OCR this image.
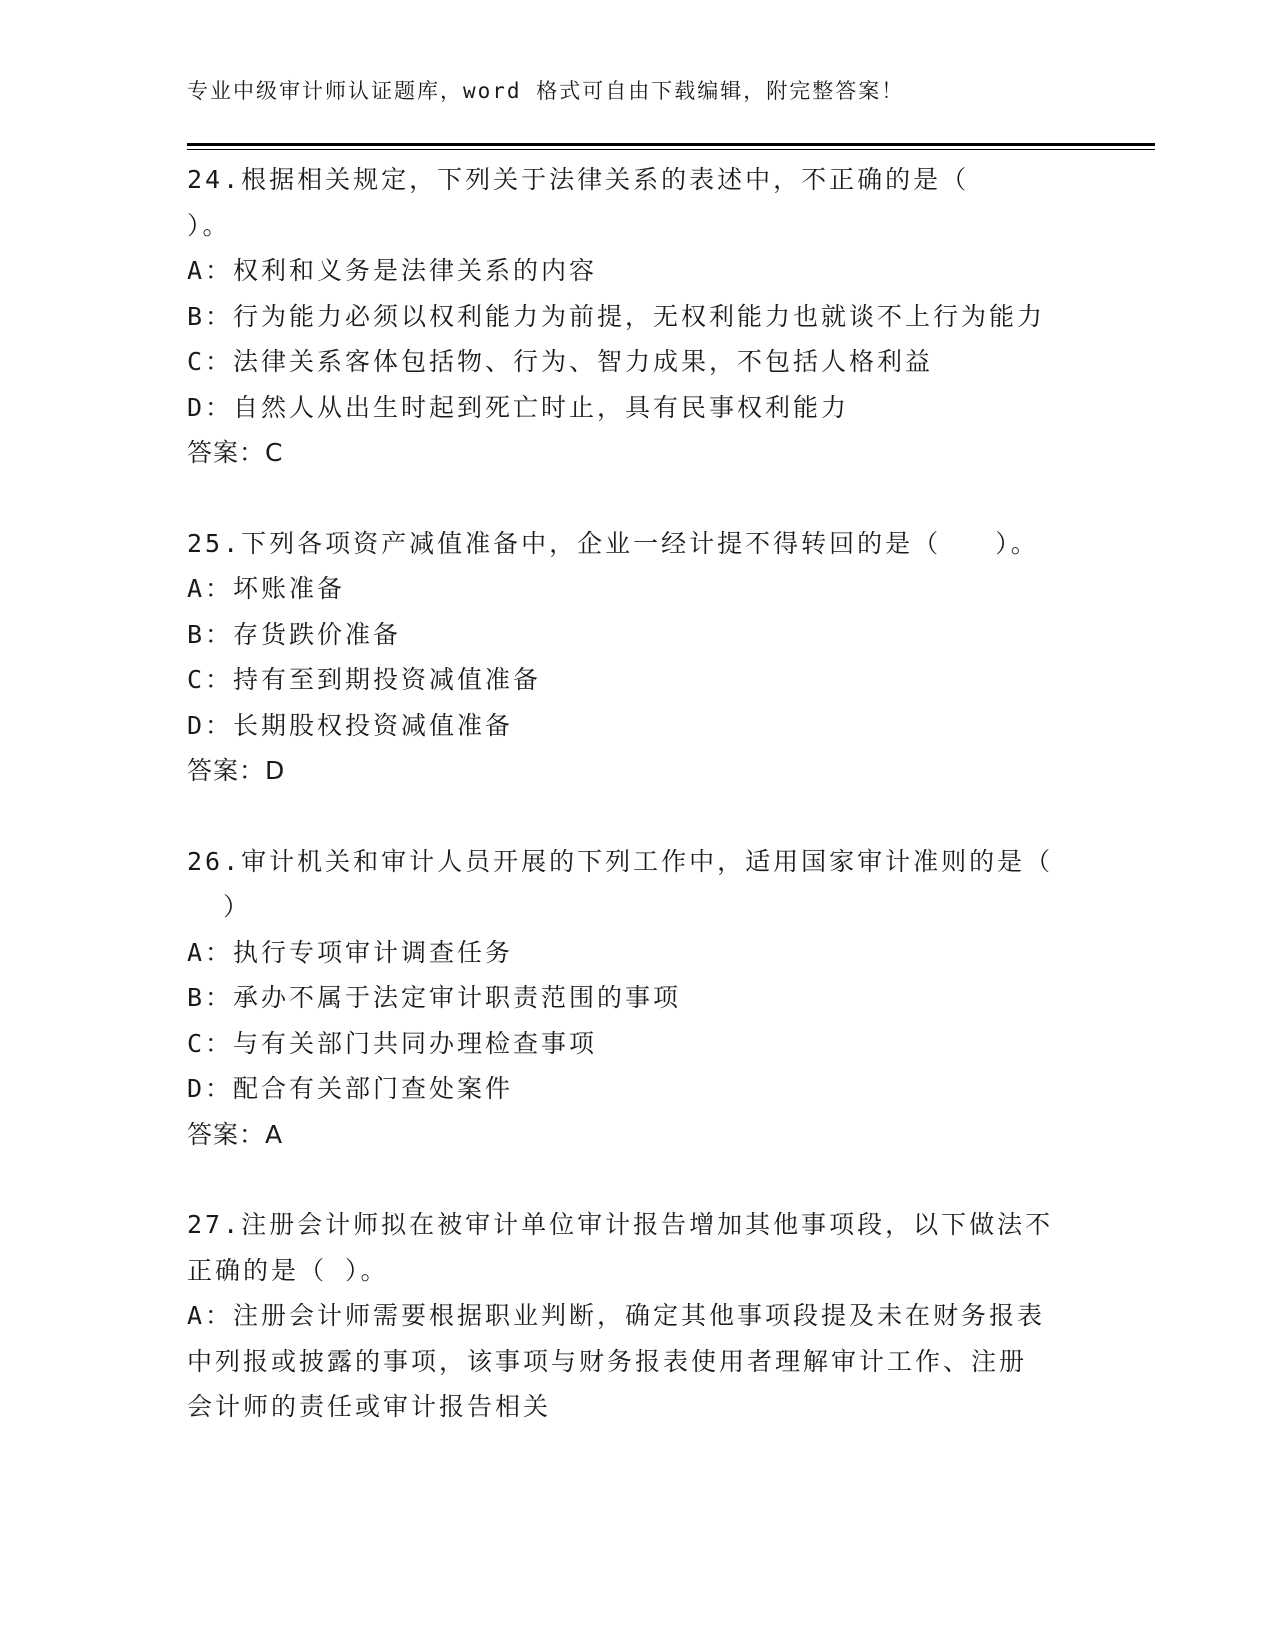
专业中级审计师认证题库，word 格式可自由下载编辑，附完整答案！
24.根据相关规定，下列关于法律关系的表述中，不正确的是（
）。
A：权利和义务是法律关系的内容
B：行为能力必须以权利能力为前提，无权利能力也就谈不上行为能力
C：法律关系客体包括物、行为、智力成果，不包括人格利益
D：自然人从出生时起到死亡时止，具有民事权利能力
答案：C
25.下列各项资产减值准备中，企业一经计提不得转回的是（   ）。
A：坏账准备
B：存货跌价准备
C：持有至到期投资减值准备
D：长期股权投资减值准备
答案：D
26.审计机关和审计人员开展的下列工作中，适用国家审计准则的是（
）
A：执行专项审计调查任务
B：承办不属于法定审计职责范围的事项
C：与有关部门共同办理检查事项
D：配合有关部门查处案件
答案：A
27.注册会计师拟在被审计单位审计报告增加其他事项段，以下做法不
正确的是（ ）。
A：注册会计师需要根据职业判断，确定其他事项段提及未在财务报表
中列报或披露的事项，该事项与财务报表使用者理解审计工作、注册
会计师的责任或审计报告相关
